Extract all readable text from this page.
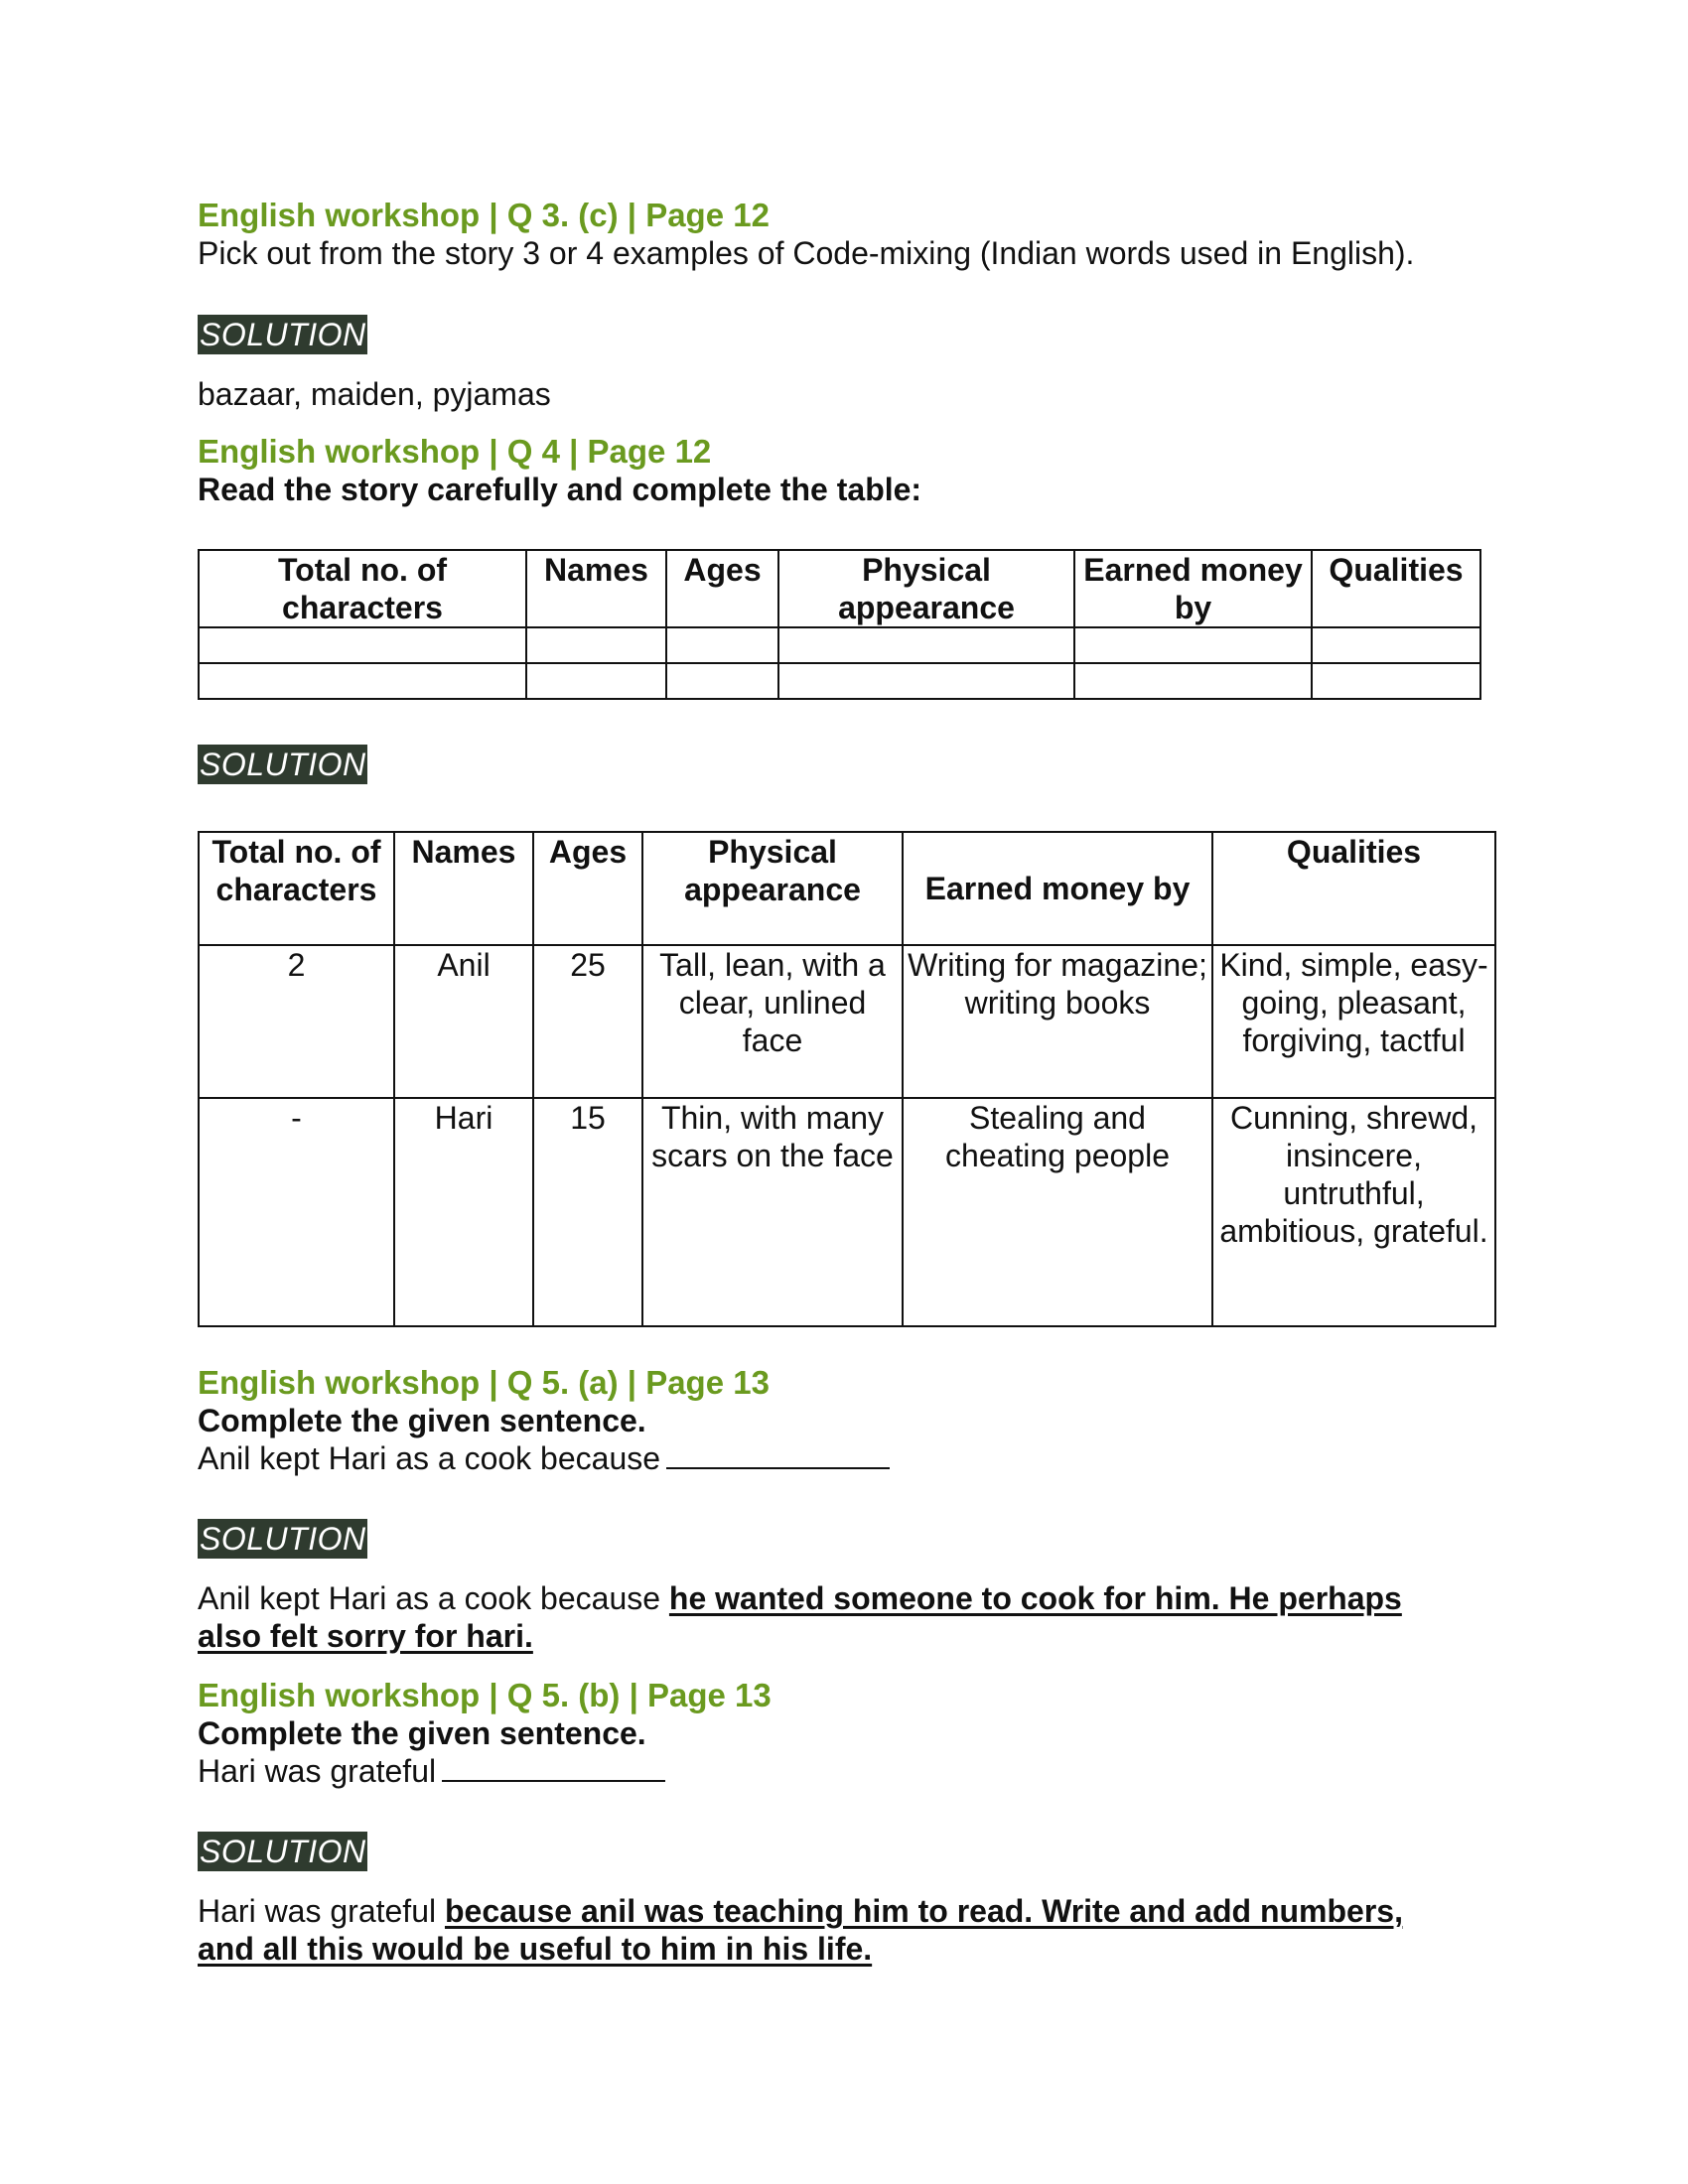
English workshop | Q 3. (c) | Page 12
Pick out from the story 3 or 4 examples of Code-mixing (Indian words used in English).
SOLUTION
bazaar, maiden, pyjamas
English workshop | Q 4 | Page 12
Read the story carefully and complete the table:
Total no. of characters	Names	Ages	Physical appearance	Earned money by	Qualities

SOLUTION
Total no. of characters	Names	Ages	Physical appearance	Earned money by	Qualities
2	Anil	25	Tall, lean, with a clear, unlined face	Writing for magazine; writing books	Kind, simple, easy-going, pleasant, forgiving, tactful
-	Hari	15	Thin, with many scars on the face	Stealing and cheating people	Cunning, shrewd, insincere, untruthful, ambitious, grateful.
English workshop | Q 5. (a) | Page 13
Complete the given sentence.
Anil kept Hari as a cook because
SOLUTION
Anil kept Hari as a cook because he wanted someone to cook for him. He perhaps
also felt sorry for hari.
English workshop | Q 5. (b) | Page 13
Complete the given sentence.
Hari was grateful
SOLUTION
Hari was grateful because anil was teaching him to read. Write and add numbers,
and all this would be useful to him in his life.
